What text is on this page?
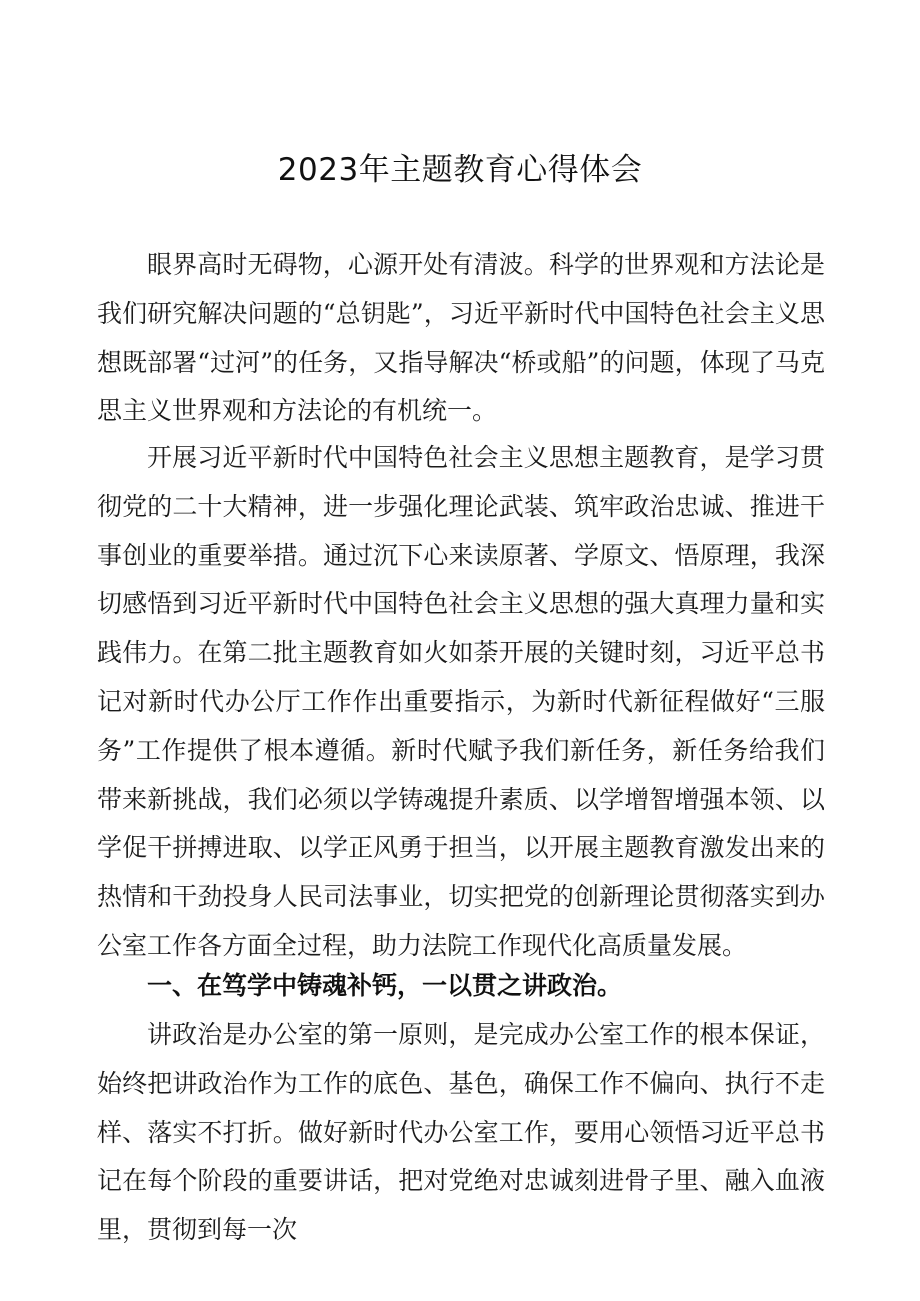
2023年主题教育心得体会

眼界高时无碍物，心源开处有清波。科学的世界观和方法论是我们研究解决问题的“总钥匙”，习近平新时代中国特色社会主义思想既部署“过河”的任务，又指导解决“桥或船”的问题，体现了马克思主义世界观和方法论的有机统一。

开展习近平新时代中国特色社会主义思想主题教育，是学习贯彻党的二十大精神，进一步强化理论武装、筑牢政治忠诚、推进干事创业的重要举措。通过沉下心来读原著、学原文、悟原理，我深切感悟到习近平新时代中国特色社会主义思想的强大真理力量和实践伟力。在第二批主题教育如火如荼开展的关键时刻，习近平总书记对新时代办公厅工作作出重要指示，为新时代新征程做好“三服务”工作提供了根本遵循。新时代赋予我们新任务，新任务给我们带来新挑战，我们必须以学铸魂提升素质、以学增智增强本领、以学促干拼搏进取、以学正风勇于担当，以开展主题教育激发出来的热情和干劲投身人民司法事业，切实把党的创新理论贯彻落实到办公室工作各方面全过程，助力法院工作现代化高质量发展。

一、在笃学中铸魂补钙，一以贯之讲政治。

讲政治是办公室的第一原则，是完成办公室工作的根本保证，始终把讲政治作为工作的底色、基色，确保工作不偏向、执行不走样、落实不打折。做好新时代办公室工作，要用心领悟习近平总书记在每个阶段的重要讲话，把对党绝对忠诚刻进骨子里、融入血液里，贯彻到每一次
